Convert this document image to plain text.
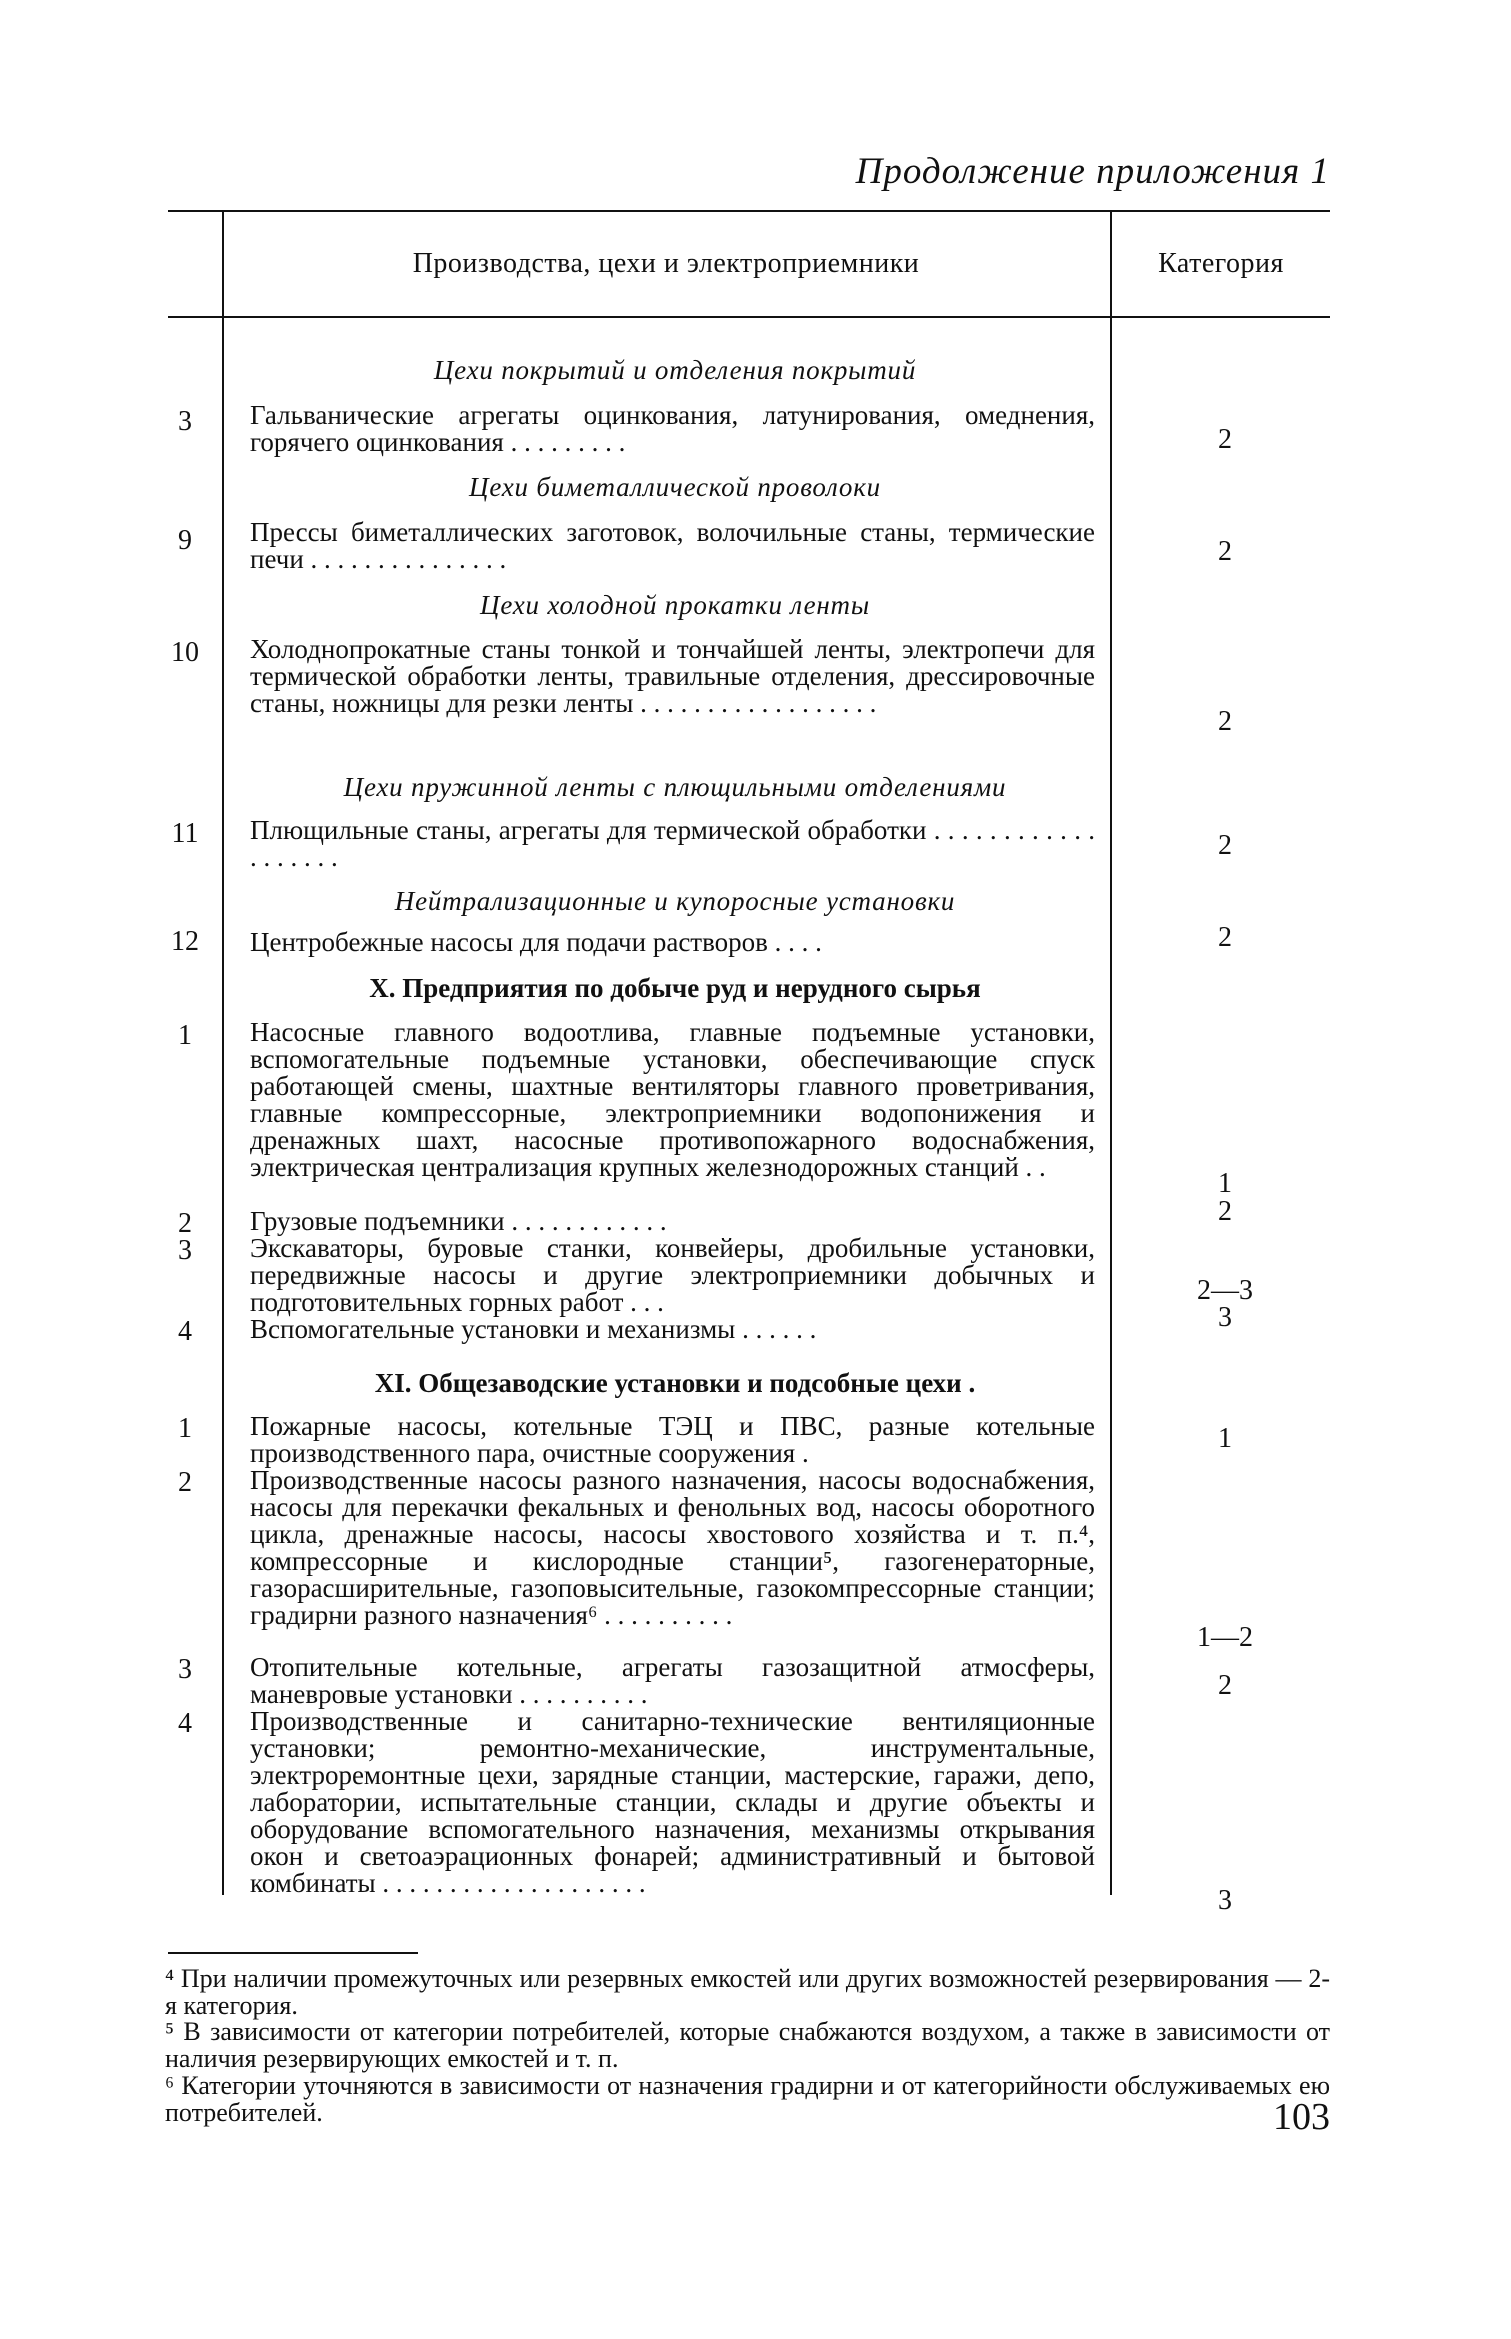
Продолжение приложения 1
Производства, цехи и электроприемники	Категория
Цехи покрытий и отделения покрытий
Цехи биметаллической проволоки
Цехи холодной прокатки ленты
Цехи пружинной ленты с плющильными отделениями
Нейтрализационные и купоросные установки
X. Предприятия по добыче руд и нерудного сырья
XI. Общезаводские установки и подсобные цехи .
3
9
10
11
12
1
2
3
4
1
2
3
4
Гальванические агрегаты оцинкования, латунирования, омеднения, горячего оцинкования . . . . . . . . .
Прессы биметаллических заготовок, волочильные станы, термические печи . . . . . . . . . . . . . . .
Холоднопрокатные станы тонкой и тончайшей ленты, электропечи для термической обработки ленты, травильные отделения, дрессировочные станы, ножницы для резки ленты . . . . . . . . . . . . . . . . . .
Плющильные станы, агрегаты для термической обработки . . . . . . . . . . . . . . . . . . .
Центробежные насосы для подачи растворов . . . .
Насосные главного водоотлива, главные подъемные установки, вспомогательные подъемные установки, обеспечивающие спуск работающей смены, шахтные вентиляторы главного проветривания, главные компрессорные, электроприемники водопонижения и дренажных шахт, насосные противопожарного водоснабжения, электрическая централизация крупных железнодорожных станций . .
Грузовые подъемники . . . . . . . . . . . .
Экскаваторы, буровые станки, конвейеры, дробильные установки, передвижные насосы и другие электроприемники добычных и подготовительных горных работ . . .
Вспомогательные установки и механизмы . . . . . .
Пожарные насосы, котельные ТЭЦ и ПВС, разные котельные производственного пара, очистные сооружения .
Производственные насосы разного назначения, насосы водоснабжения, насосы для перекачки фекальных и фенольных вод, насосы оборотного цикла, дренажные насосы, насосы хвостового хозяйства и т. п.⁴, компрессорные и кислородные станции⁵, газогенераторные, газорасширительные, газоповысительные, газокомпрессорные станции; градирни разного назначения⁶ . . . . . . . . . .
Отопительные котельные, агрегаты газозащитной атмосферы, маневровые установки . . . . . . . . . .
Производственные и санитарно-технические вентиляционные установки; ремонтно-механические, инструментальные, электроремонтные цехи, зарядные станции, мастерские, гаражи, депо, лаборатории, испытательные станции, склады и другие объекты и оборудование вспомогательного назначения, механизмы открывания окон и светоаэрационных фонарей; административный и бытовой комбинаты . . . . . . . . . . . . . . . . . . . .
2
2
2
2
2
1
2
2—3
3
1
1—2
2
3
⁴ При наличии промежуточных или резервных емкостей или других возможностей резервирования — 2-я категория.
⁵ В зависимости от категории потребителей, которые снабжаются воздухом, а также в зависимости от наличия резервирующих емкостей и т. п.
⁶ Категории уточняются в зависимости от назначения градирни и от категорийности обслуживаемых ею потребителей.	103
